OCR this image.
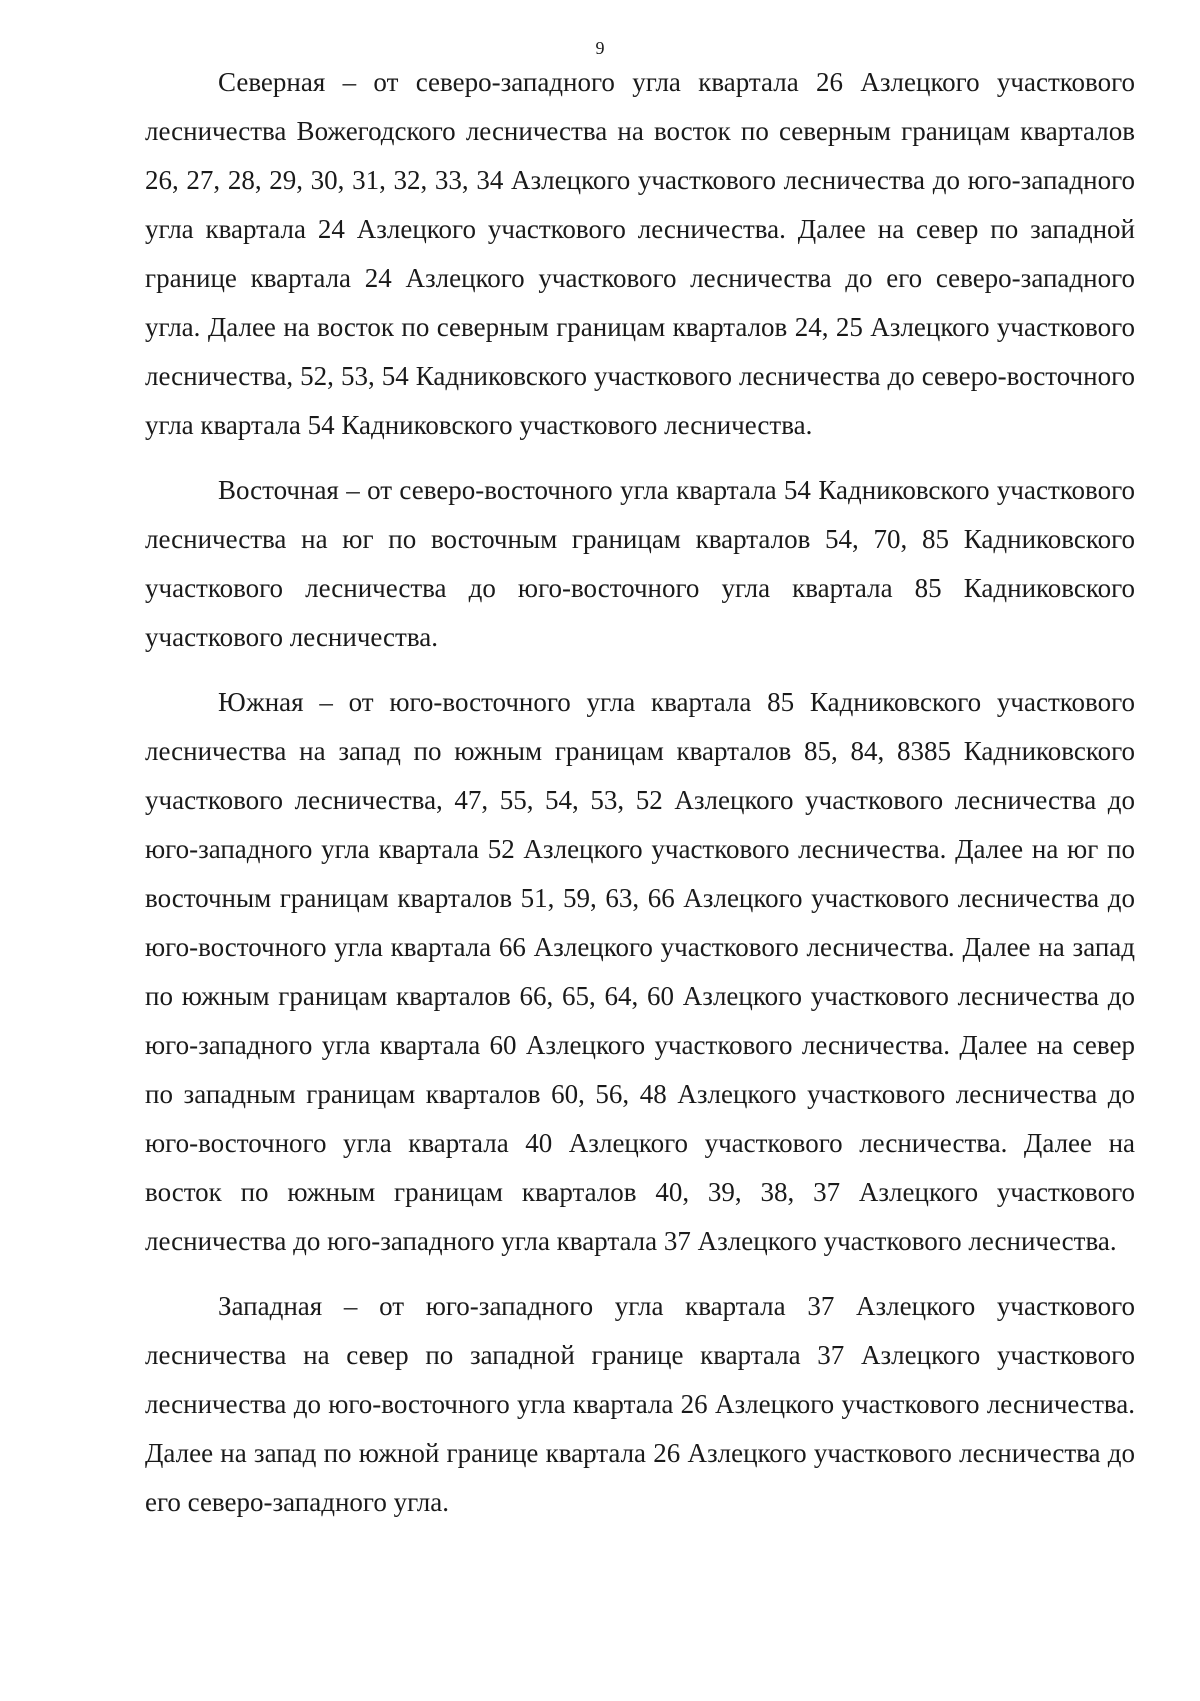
9

Северная – от северо-западного угла квартала 26 Азлецкого участкового лесничества Вожегодского лесничества на восток по северным границам кварталов 26, 27, 28, 29, 30, 31, 32, 33, 34 Азлецкого участкового лесничества до юго-западного угла квартала 24 Азлецкого участкового лесничества. Далее на север по западной границе квартала 24 Азлецкого участкового лесничества до его северо-западного угла. Далее на восток по северным границам кварталов 24, 25 Азлецкого участкового лесничества, 52, 53, 54 Кадниковского участкового лесничества до северо-восточного угла квартала 54 Кадниковского участкового лесничества.

Восточная – от северо-восточного угла квартала 54 Кадниковского участкового лесничества на юг по восточным границам кварталов 54, 70, 85 Кадниковского участкового лесничества до юго-восточного угла квартала 85 Кадниковского участкового лесничества.

Южная – от юго-восточного угла квартала 85 Кадниковского участкового лесничества на запад по южным границам кварталов 85, 84, 8385 Кадниковского участкового лесничества, 47, 55, 54, 53, 52 Азлецкого участкового лесничества до юго-западного угла квартала 52 Азлецкого участкового лесничества. Далее на юг по восточным границам кварталов 51, 59, 63, 66 Азлецкого участкового лесничества до юго-восточного угла квартала 66 Азлецкого участкового лесничества. Далее на запад по южным границам кварталов 66, 65, 64, 60 Азлецкого участкового лесничества до юго-западного угла квартала 60 Азлецкого участкового лесничества. Далее на север по западным границам кварталов 60, 56, 48 Азлецкого участкового лесничества до юго-восточного угла квартала 40 Азлецкого участкового лесничества. Далее на восток по южным границам кварталов 40, 39, 38, 37 Азлецкого участкового лесничества до юго-западного угла квартала 37 Азлецкого участкового лесничества.

Западная – от юго-западного угла квартала 37 Азлецкого участкового лесничества на север по западной границе квартала 37 Азлецкого участкового лесничества до юго-восточного угла квартала 26 Азлецкого участкового лесничества. Далее на запад по южной границе квартала 26 Азлецкого участкового лесничества до его северо-западного угла.
